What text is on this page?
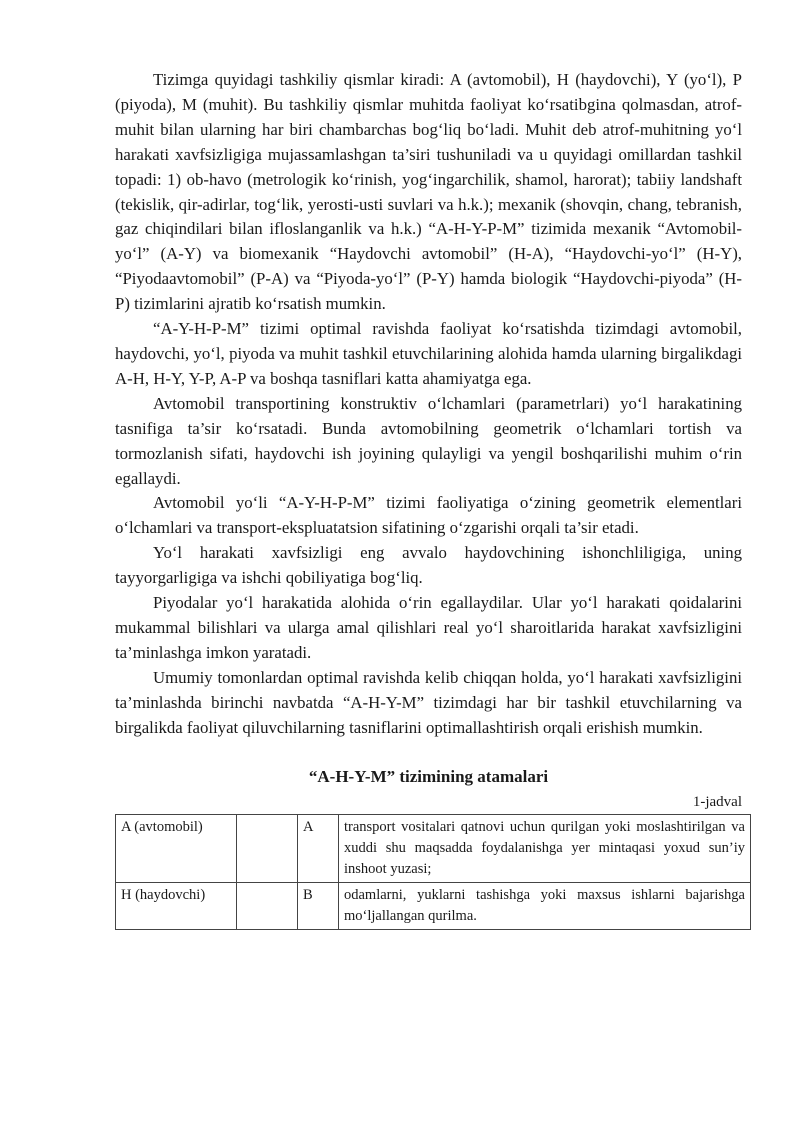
Tizimga quyidagi tashkiliy qismlar kiradi: A (avtomobil), H (haydovchi), Y (yo‘l), P (piyoda), M (muhit). Bu tashkiliy qismlar muhitda faoliyat ko‘rsatibgina qolmasdan, atrof-muhit bilan ularning har biri chambarchas bog‘liq bo‘ladi. Muhit deb atrof-muhitning yo‘l harakati xavfsizligiga mujassamlashgan ta’siri tushuniladi va u quyidagi omillardan tashkil topadi: 1) ob-havo (metrologik ko‘rinish, yog‘ingarchilik, shamol, harorat); tabiiy landshaft (tekislik, qir-adirlar, tog‘lik, yerosti-usti suvlari va h.k.); mexanik (shovqin, chang, tebranish, gaz chiqindilari bilan ifloslanganlik va h.k.) “A-H-Y-P-M” tizimida mexanik “Avtomobil-yo‘l” (A-Y) va biomexanik “Haydovchi avtomobil” (H-A), “Haydovchi-yo‘l” (H-Y), “Piyodaavtomobil” (P-A) va “Piyoda-yo‘l” (P-Y) hamda biologik “Haydovchi-piyoda” (H-P) tizimlarini ajratib ko‘rsatish mumkin.

“A-Y-H-P-M” tizimi optimal ravishda faoliyat ko‘rsatishda tizimdagi avtomobil, haydovchi, yo‘l, piyoda va muhit tashkil etuvchilarining alohida hamda ularning birgalikdagi A-H, H-Y, Y-P, A-P va boshqa tasniflari katta ahamiyatga ega.

Avtomobil transportining konstruktiv o‘lchamlari (parametrlari) yo‘l harakatining tasnifiga ta’sir ko‘rsatadi. Bunda avtomobilning geometrik o‘lchamlari tortish va tormozlanish sifati, haydovchi ish joyining qulayligi va yengil boshqarilishi muhim o‘rin egallaydi.

Avtomobil yo‘li “A-Y-H-P-M” tizimi faoliyatiga o‘zining geometrik elementlari o‘lchamlari va transport-ekspluatatsion sifatining o‘zgarishi orqali ta’sir etadi.

Yo‘l harakati xavfsizligi eng avvalo haydovchining ishonchliligiga, uning tayyorgarligiga va ishchi qobiliyatiga bog‘liq.

Piyodalar yo‘l harakatida alohida o‘rin egallaydilar. Ular yo‘l harakati qoidalarini mukammal bilishlari va ularga amal qilishlari real yo‘l sharoitlarida harakat xavfsizligini ta’minlashga imkon yaratadi.

Umumiy tomonlardan optimal ravishda kelib chiqqan holda, yo‘l harakati xavfsizligini ta’minlashda birinchi navbatda “A-H-Y-M” tizimdagi har bir tashkil etuvchilarning va birgalikda faoliyat qiluvchilarning tasniflarini optimallashtirish orqali erishish mumkin.

“A-H-Y-M” tizimining atamalari
1-jadval
A (avtomobil)		A	transport vositalari qatnovi uchun qurilgan yoki moslashtirilgan va xuddi shu maqsadda foydalanishga yer mintaqasi yoxud sun’iy inshoot yuzasi;
H (haydovchi)		B	odamlarni, yuklarni tashishga yoki maxsus ishlarni bajarishga mo‘ljallangan qurilma.
